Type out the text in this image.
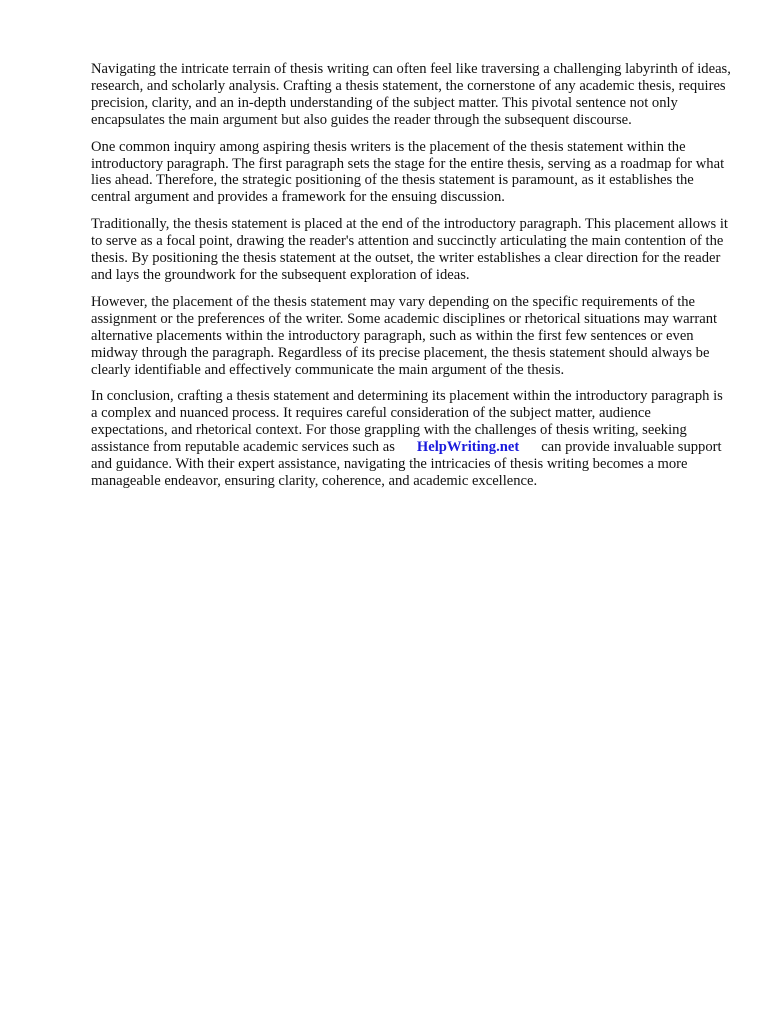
Navigating the intricate terrain of thesis writing can often feel like traversing a challenging labyrinth of ideas, research, and scholarly analysis. Crafting a thesis statement, the cornerstone of any academic thesis, requires precision, clarity, and an in-depth understanding of the subject matter. This pivotal sentence not only encapsulates the main argument but also guides the reader through the subsequent discourse.

One common inquiry among aspiring thesis writers is the placement of the thesis statement within the introductory paragraph. The first paragraph sets the stage for the entire thesis, serving as a roadmap for what lies ahead. Therefore, the strategic positioning of the thesis statement is paramount, as it establishes the central argument and provides a framework for the ensuing discussion.

Traditionally, the thesis statement is placed at the end of the introductory paragraph. This placement allows it to serve as a focal point, drawing the reader's attention and succinctly articulating the main contention of the thesis. By positioning the thesis statement at the outset, the writer establishes a clear direction for the reader and lays the groundwork for the subsequent exploration of ideas.

However, the placement of the thesis statement may vary depending on the specific requirements of the assignment or the preferences of the writer. Some academic disciplines or rhetorical situations may warrant alternative placements within the introductory paragraph, such as within the first few sentences or even midway through the paragraph. Regardless of its precise placement, the thesis statement should always be clearly identifiable and effectively communicate the main argument of the thesis.

In conclusion, crafting a thesis statement and determining its placement within the introductory paragraph is a complex and nuanced process. It requires careful consideration of the subject matter, audience expectations, and rhetorical context. For those grappling with the challenges of thesis writing, seeking assistance from reputable academic services such as HelpWriting.net can provide invaluable support and guidance. With their expert assistance, navigating the intricacies of thesis writing becomes a more manageable endeavor, ensuring clarity, coherence, and academic excellence.
